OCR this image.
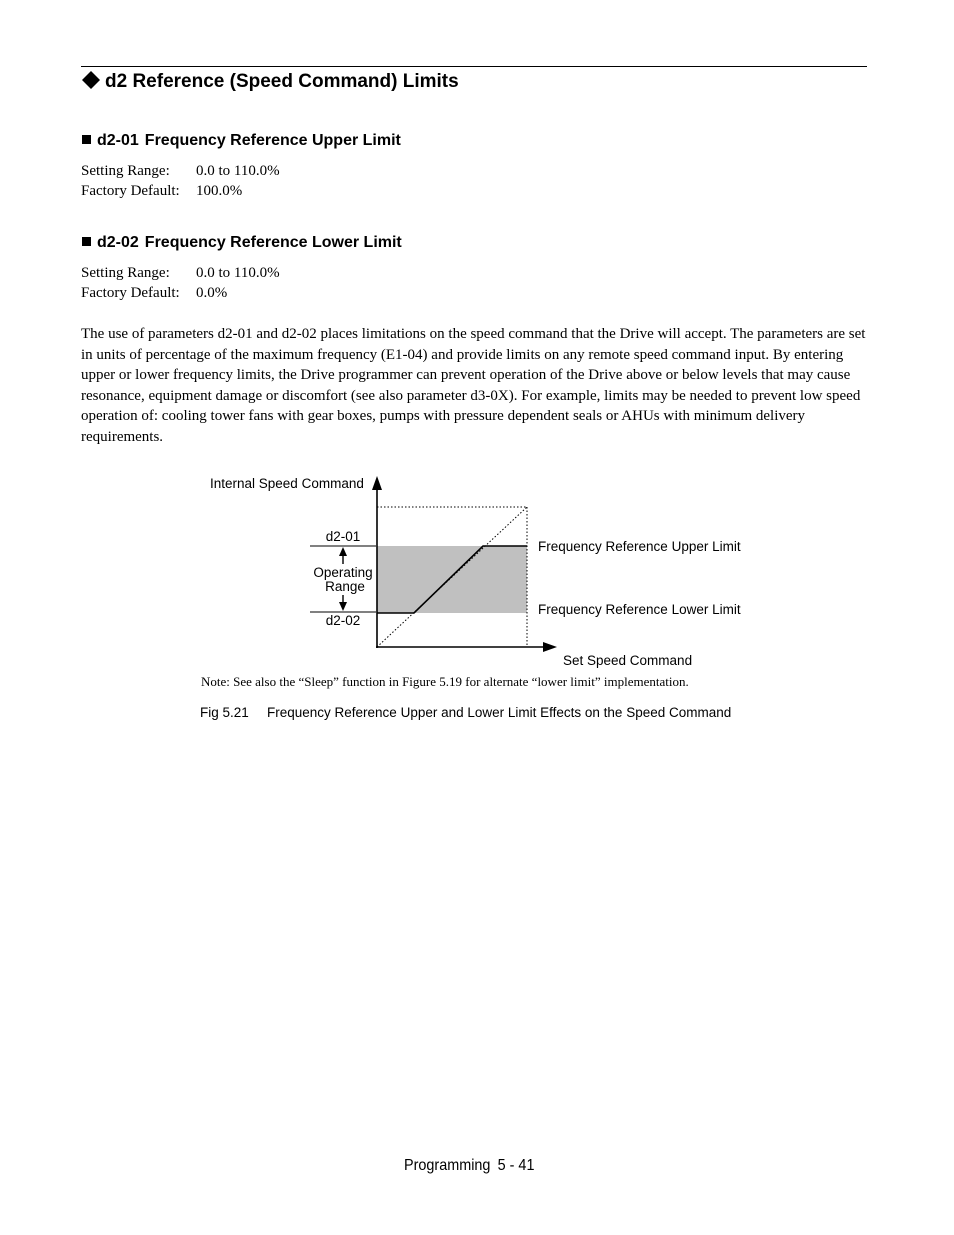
d2 Reference (Speed Command) Limits
d2-01 Frequency Reference Upper Limit
Setting Range: 0.0 to 110.0%
Factory Default: 100.0%
d2-02 Frequency Reference Lower Limit
Setting Range: 0.0 to 110.0%
Factory Default: 0.0%

The use of parameters d2-01 and d2-02 places limitations on the speed command that the Drive will accept. The parameters are set in units of percentage of the maximum frequency (E1-04) and provide limits on any remote speed command input. By entering upper or lower frequency limits, the Drive programmer can prevent operation of the Drive above or below levels that may cause resonance, equipment damage or discomfort (see also parameter d3-0X). For example, limits may be needed to prevent low speed operation of: cooling tower fans with gear boxes, pumps with pressure dependent seals or AHUs with minimum delivery requirements.

Internal Speed Command
Set Speed Command
d2-01
d2-02
Operating
Range
Frequency Reference Upper Limit
Frequency Reference Lower Limit
Note: See also the “Sleep” function in Figure 5.19 for alternate “lower limit” implementation.
Fig 5.21 Frequency Reference Upper and Lower Limit Effects on the Speed Command
Programming 5 - 41
